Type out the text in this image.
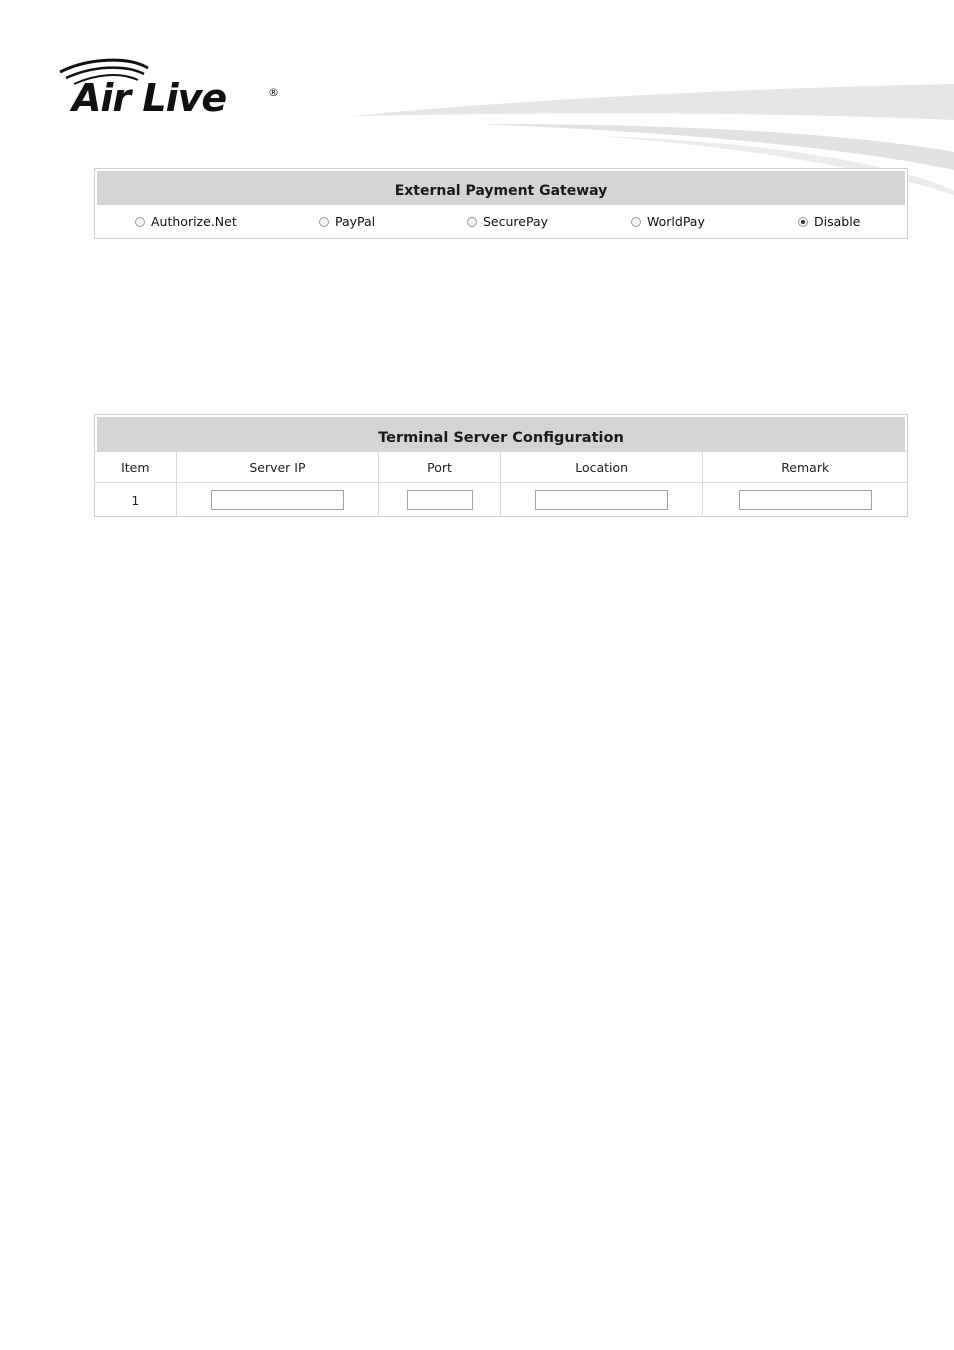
Air Live	®
External Payment Gateway
Authorize.Net	PayPal	SecurePay	WorldPay	Disable
Terminal Server Configuration
Item	Server IP	Port	Location	Remark
1				
